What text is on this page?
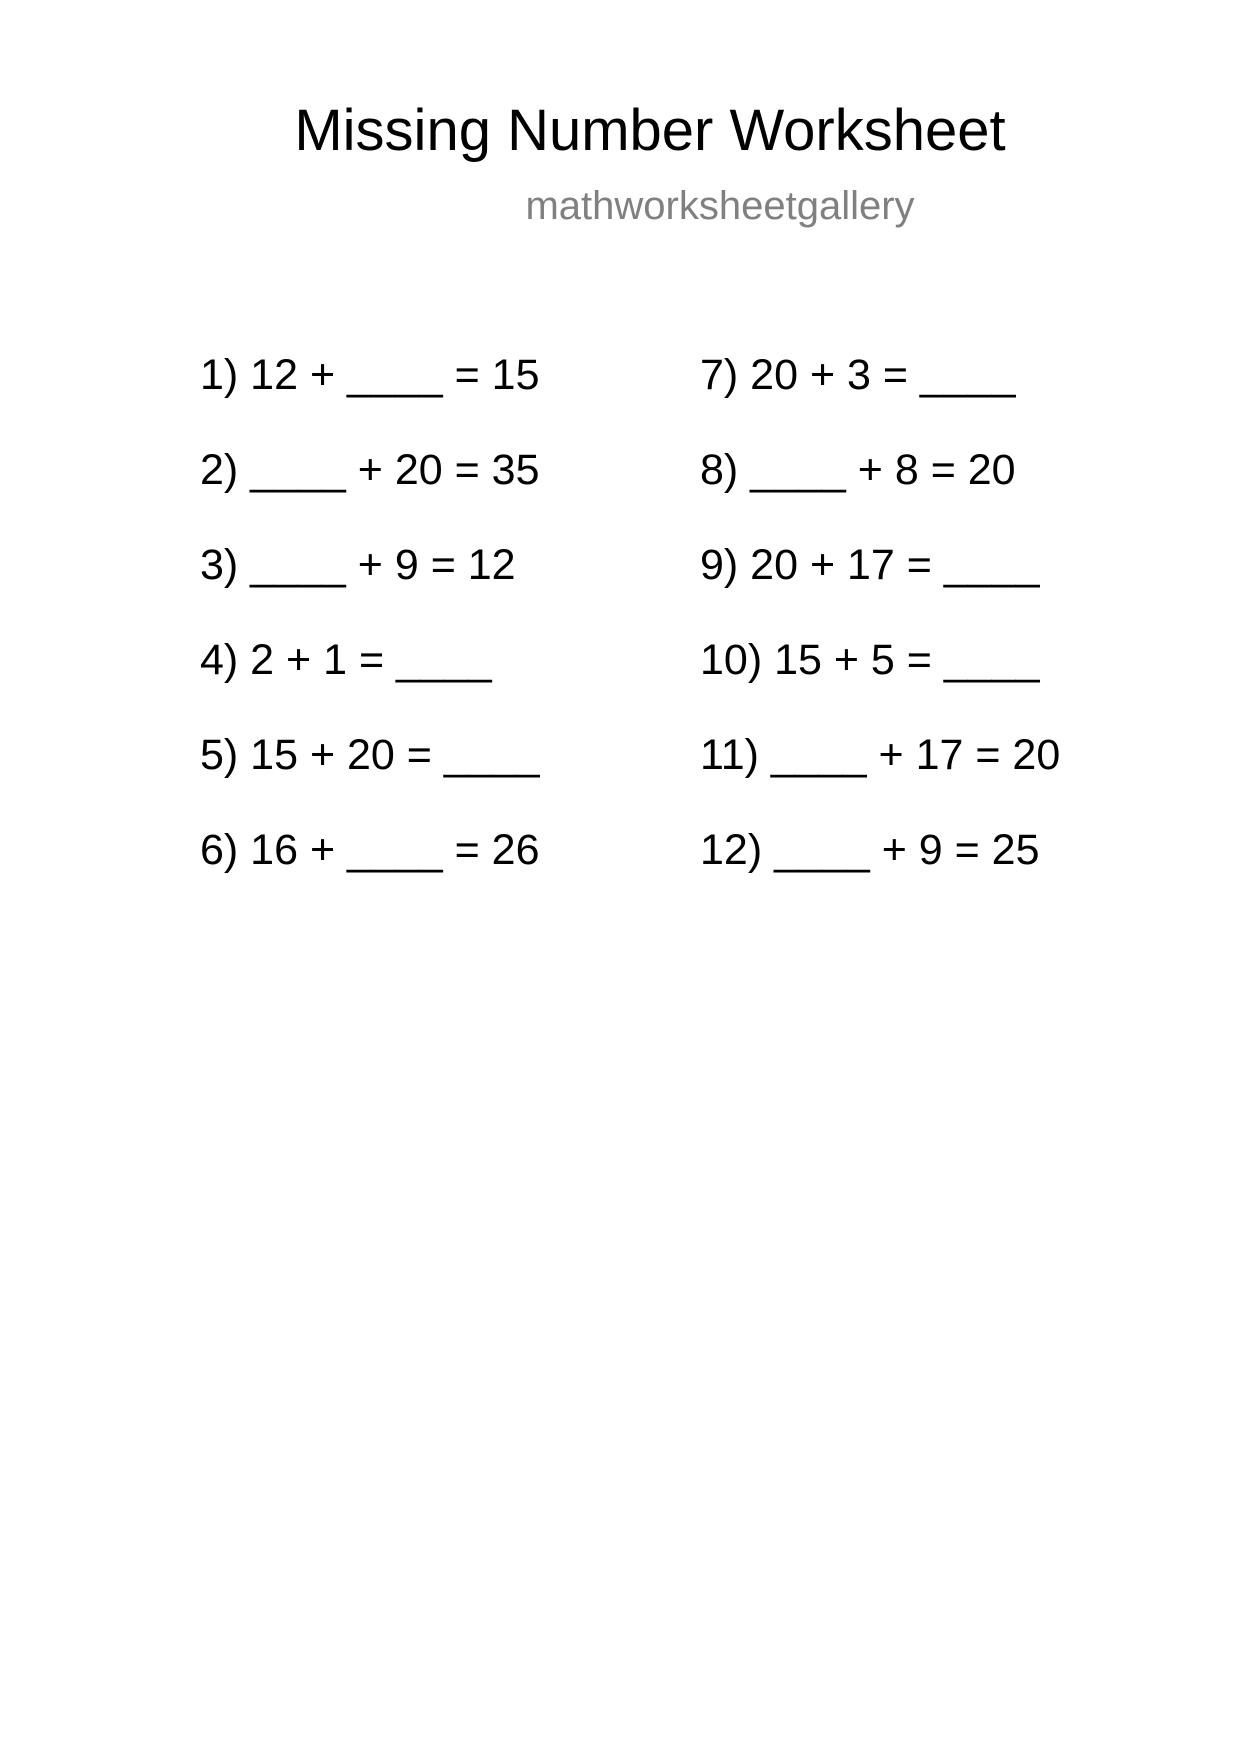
Missing Number Worksheet
mathworksheetgallery
1) 12 + ____ = 15
2) ____ + 20 = 35
3) ____ + 9 = 12
4) 2 + 1 = ____
5) 15 + 20 = ____
6) 16 + ____ = 26
7) 20 + 3 = ____
8) ____ + 8 = 20
9) 20 + 17 = ____
10) 15 + 5 = ____
11) ____ + 17 = 20
12) ____ + 9 = 25
